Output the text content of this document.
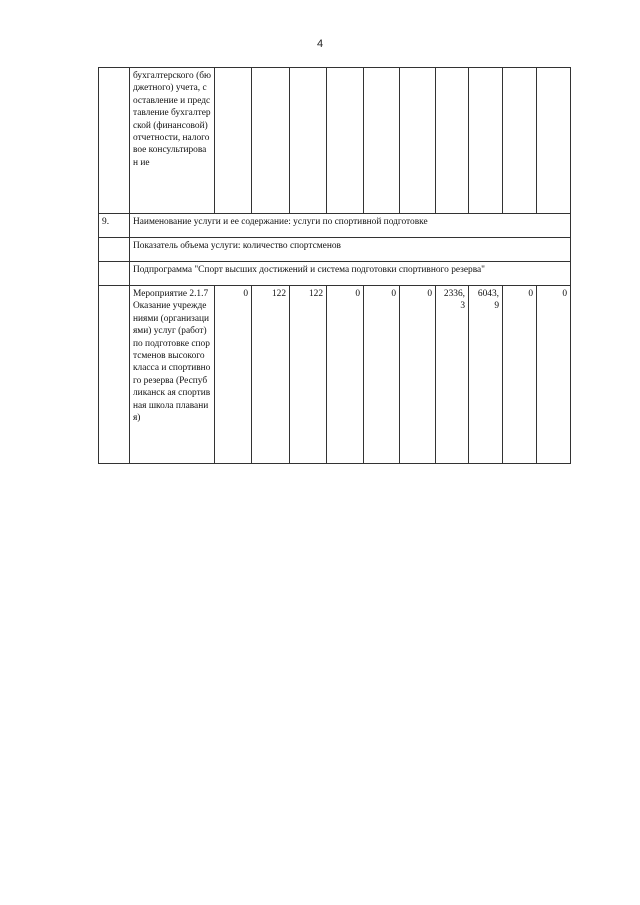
4
	бухгалтерского (бюджетного) учета, составление и представление бухгалтерской (финансовой) отчетности, налоговое консультирован ие										
9.	Наименование услуги и ее содержание: услуги по спортивной подготовке										
	Показатель объема услуги: количество спортсменов										
	Подпрограмма "Спорт высших достижений и система подготовки спортивного резерва"										
	Мероприятие 2.1.7 Оказание учреждениями (организациями) услуг (работ) по подготовке спортсменов высокого класса и спортивного резерва (Республиканск ая спортивная школа плавания)	0	122	122	0	0	0	2336, 3	6043, 9	0	0
